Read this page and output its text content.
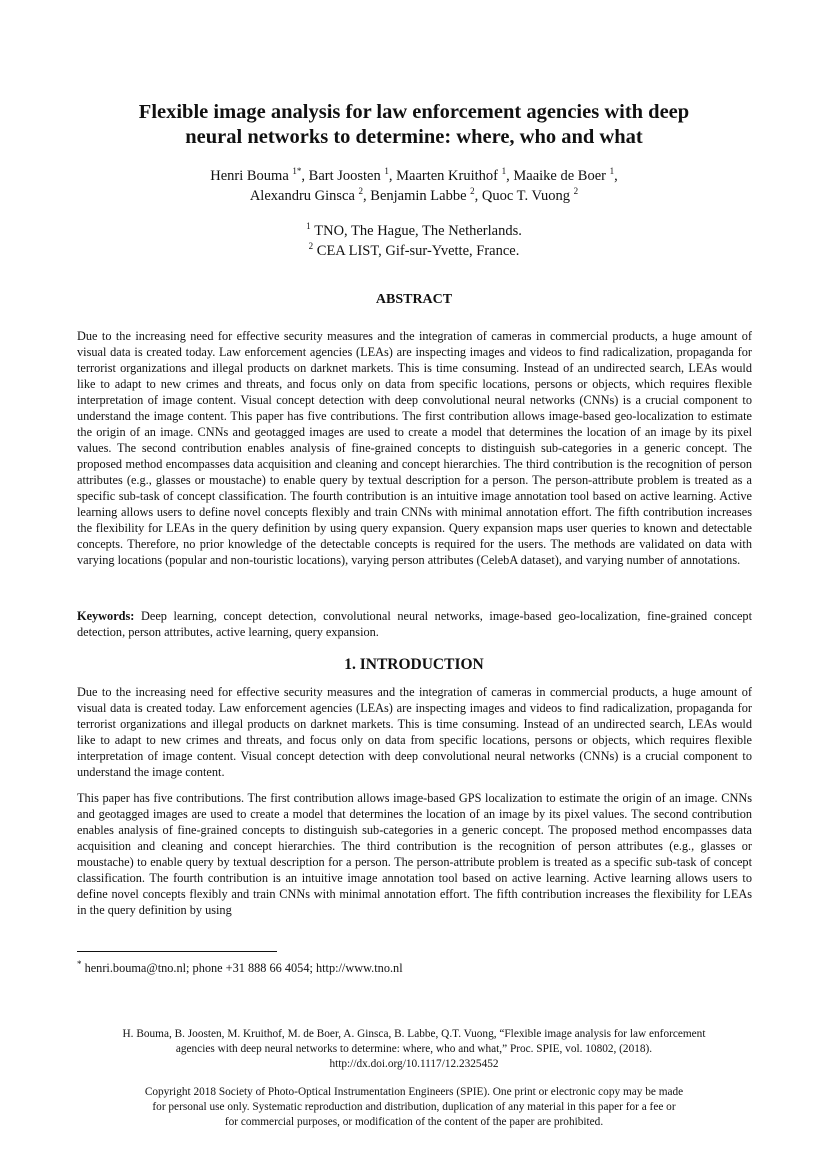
Flexible image analysis for law enforcement agencies with deep
neural networks to determine: where, who and what

Henri Bouma $^{1*}$, Bart Joosten $^1$, Maarten Kruithof $^1$, Maaike de Boer $^1$,
Alexandru Ginsca $^2$, Benjamin Labbe $^2$, Quoc T. Vuong $^2$

$^1$ TNO, The Hague, The Netherlands.
$^2$ CEA LIST, Gif-sur-Yvette, France.

ABSTRACT

Due to the increasing need for effective security measures and the integration of cameras in commercial products, a huge amount of visual data is created today. Law enforcement agencies (LEAs) are inspecting images and videos to find radicalization, propaganda for terrorist organizations and illegal products on darknet markets. This is time consuming. Instead of an undirected search, LEAs would like to adapt to new crimes and threats, and focus only on data from specific locations, persons or objects, which requires flexible interpretation of image content. Visual concept detection with deep convolutional neural networks (CNNs) is a crucial component to understand the image content. This paper has five contributions. The first contribution allows image-based geo-localization to estimate the origin of an image. CNNs and geotagged images are used to create a model that determines the location of an image by its pixel values. The second contribution enables analysis of fine-grained concepts to distinguish sub-categories in a generic concept. The proposed method encompasses data acquisition and cleaning and concept hierarchies. The third contribution is the recognition of person attributes (e.g., glasses or moustache) to enable query by textual description for a person. The person-attribute problem is treated as a specific sub-task of concept classification. The fourth contribution is an intuitive image annotation tool based on active learning. Active learning allows users to define novel concepts flexibly and train CNNs with minimal annotation effort. The fifth contribution increases the flexibility for LEAs in the query definition by using query expansion. Query expansion maps user queries to known and detectable concepts. Therefore, no prior knowledge of the detectable concepts is required for the users. The methods are validated on data with varying locations (popular and non-touristic locations), varying person attributes (CelebA dataset), and varying number of annotations.

Keywords: Deep learning, concept detection, convolutional neural networks, image-based geo-localization, fine-grained concept detection, person attributes, active learning, query expansion.

1. INTRODUCTION

Due to the increasing need for effective security measures and the integration of cameras in commercial products, a huge amount of visual data is created today. Law enforcement agencies (LEAs) are inspecting images and videos to find radicalization, propaganda for terrorist organizations and illegal products on darknet markets. This is time consuming. Instead of an undirected search, LEAs would like to adapt to new crimes and threats, and focus only on data from specific locations, persons or objects, which requires flexible interpretation of image content. Visual concept detection with deep convolutional neural networks (CNNs) is a crucial component to understand the image content.

This paper has five contributions. The first contribution allows image-based GPS localization to estimate the origin of an image. CNNs and geotagged images are used to create a model that determines the location of an image by its pixel values. The second contribution enables analysis of fine-grained concepts to distinguish sub-categories in a generic concept. The proposed method encompasses data acquisition and cleaning and concept hierarchies. The third contribution is the recognition of person attributes (e.g., glasses or moustache) to enable query by textual description for a person. The person-attribute problem is treated as a specific sub-task of concept classification. The fourth contribution is an intuitive image annotation tool based on active learning. Active learning allows users to define novel concepts flexibly and train CNNs with minimal annotation effort. The fifth contribution increases the flexibility for LEAs in the query definition by using

* henri.bouma@tno.nl; phone +31 888 66 4054; http://www.tno.nl

H. Bouma, B. Joosten, M. Kruithof, M. de Boer, A. Ginsca, B. Labbe, Q.T. Vuong, “Flexible image analysis for law enforcement
agencies with deep neural networks to determine: where, who and what,” Proc. SPIE, vol. 10802, (2018).
http://dx.doi.org/10.1117/12.2325452

Copyright 2018 Society of Photo-Optical Instrumentation Engineers (SPIE). One print or electronic copy may be made
for personal use only. Systematic reproduction and distribution, duplication of any material in this paper for a fee or
for commercial purposes, or modification of the content of the paper are prohibited.
